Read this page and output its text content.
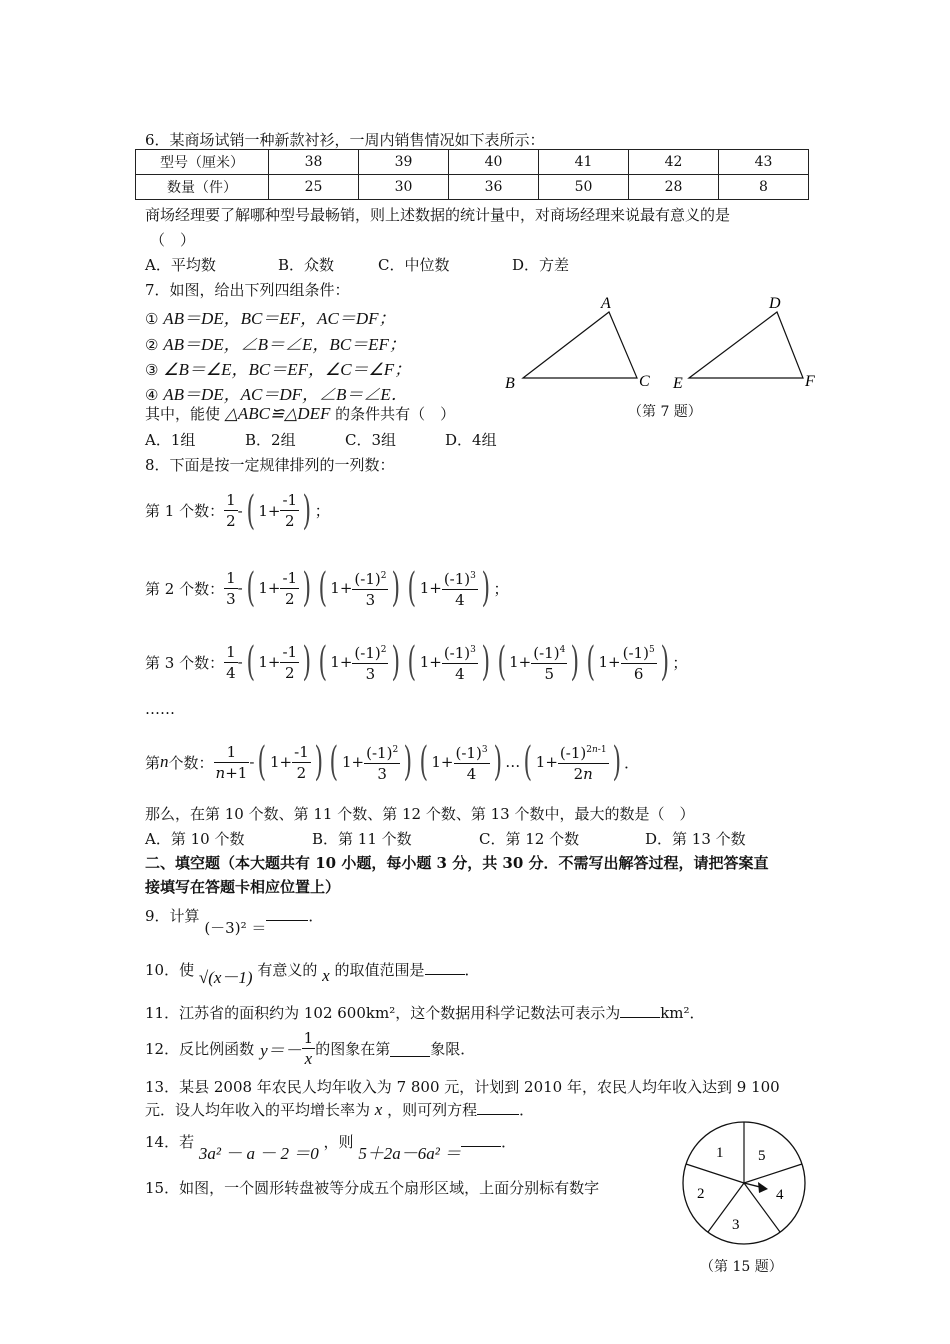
6．某商场试销一种新款衬衫，一周内销售情况如下表所示：
型号（厘米）	38	39	40	41	42	43
数量（件）	25	30	36	50	28	8
商场经理要了解哪种型号最畅销，则上述数据的统计量中，对商场经理来说最有意义的是
（　）
A．平均数	B．众数	C．中位数	D．方差
7．如图，给出下列四组条件：
① AB＝DE，BC＝EF，AC＝DF；
② AB＝DE，∠B＝∠E，BC＝EF；
③ ∠B＝∠E，BC＝EF，∠C＝∠F；
④ AB＝DE，AC＝DF，∠B＝∠E．
其中，能使 △ABC≌△DEF 的条件共有（　）
A．1组	B．2组	C．3组	D．4组
A
B	C
D
E	F
（第 7 题）
8．下面是按一定规律排列的一列数：
第 1 个数： $\frac{1}{2}$ - ( $1+ \frac{-1}{2}$ ) ；
第 2 个数： $\frac{1}{3}$ - ( $1+ \frac{-1}{2}$ ) ( $1+ \frac{(-1)^2}{3}$ ) ( $1+ \frac{(-1)^3}{4}$ ) ；
第 3 个数： $\frac{1}{4}$ - ( $1+ \frac{-1}{2}$ ) ( $1+ \frac{(-1)^2}{3}$ ) ( $1+ \frac{(-1)^3}{4}$ ) ( $1+ \frac{(-1)^4}{5}$ ) ( $1+ \frac{(-1)^5}{6}$ ) ；
……
第 n 个数： $\frac{1}{n+1}$ - ( $1+ \frac{-1}{2}$ ) ( $1+ \frac{(-1)^2}{3}$ ) ( $1+ \frac{(-1)^3}{4}$ ) … ( $1+ \frac{(-1)^{2n-1}}{2n}$ ) ．
那么，在第 10 个数、第 11 个数、第 12 个数、第 13 个数中，最大的数是（　）
A．第 10 个数	B．第 11 个数	C．第 12 个数	D．第 13 个数
二、填空题（本大题共有 10 小题，每小题 3 分，共 30 分．不需写出解答过程，请把答案直
接填写在答题卡相应位置上）
9．计算 (－3)² ＝．
10．使 √(x－1) 有意义的 x 的取值范围是	．
11．江苏省的面积约为 102 600km²，这个数据用科学记数法可表示为	km²．
12．反比例函数 $y=- \frac{1}{x}$ 的图象在第	象限．
13．某县 2008 年农民人均年收入为 7 800 元，计划到 2010 年，农民人均年收入达到 9 100
元．设人均年收入的平均增长率为 x ，则可列方程	．
14．若 3a² － a － 2 ＝0 ，则 5＋2a－6a² ＝．
15．如图，一个圆形转盘被等分成五个扇形区域，上面分别标有数字
1 5
4
3
2
（第 15 题）
